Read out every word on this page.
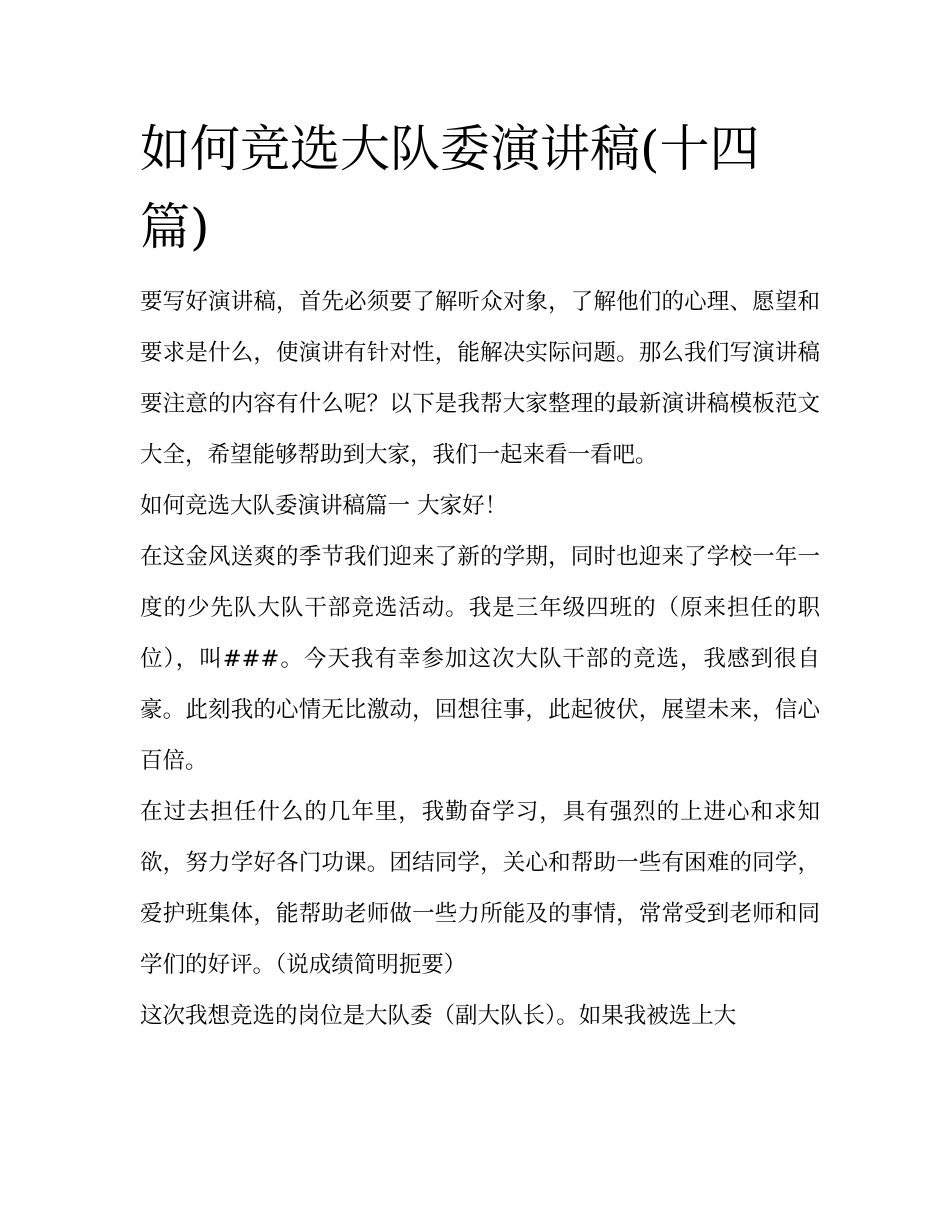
如何竞选大队委演讲稿(十四篇)

要写好演讲稿，首先必须要了解听众对象，了解他们的心理、愿望和要求是什么，使演讲有针对性，能解决实际问题。那么我们写演讲稿要注意的内容有什么呢？以下是我帮大家整理的最新演讲稿模板范文大全，希望能够帮助到大家，我们一起来看一看吧。

如何竞选大队委演讲稿篇一 大家好！

在这金风送爽的季节我们迎来了新的学期，同时也迎来了学校一年一度的少先队大队干部竞选活动。我是三年级四班的（原来担任的职位），叫###。今天我有幸参加这次大队干部的竞选，我感到很自豪。此刻我的心情无比激动，回想往事，此起彼伏，展望未来，信心百倍。

在过去担任什么的几年里，我勤奋学习，具有强烈的上进心和求知欲，努力学好各门功课。团结同学，关心和帮助一些有困难的同学，爱护班集体，能帮助老师做一些力所能及的事情，常常受到老师和同学们的好评。（说成绩简明扼要）

这次我想竞选的岗位是大队委（副大队长）。如果我被选上大
